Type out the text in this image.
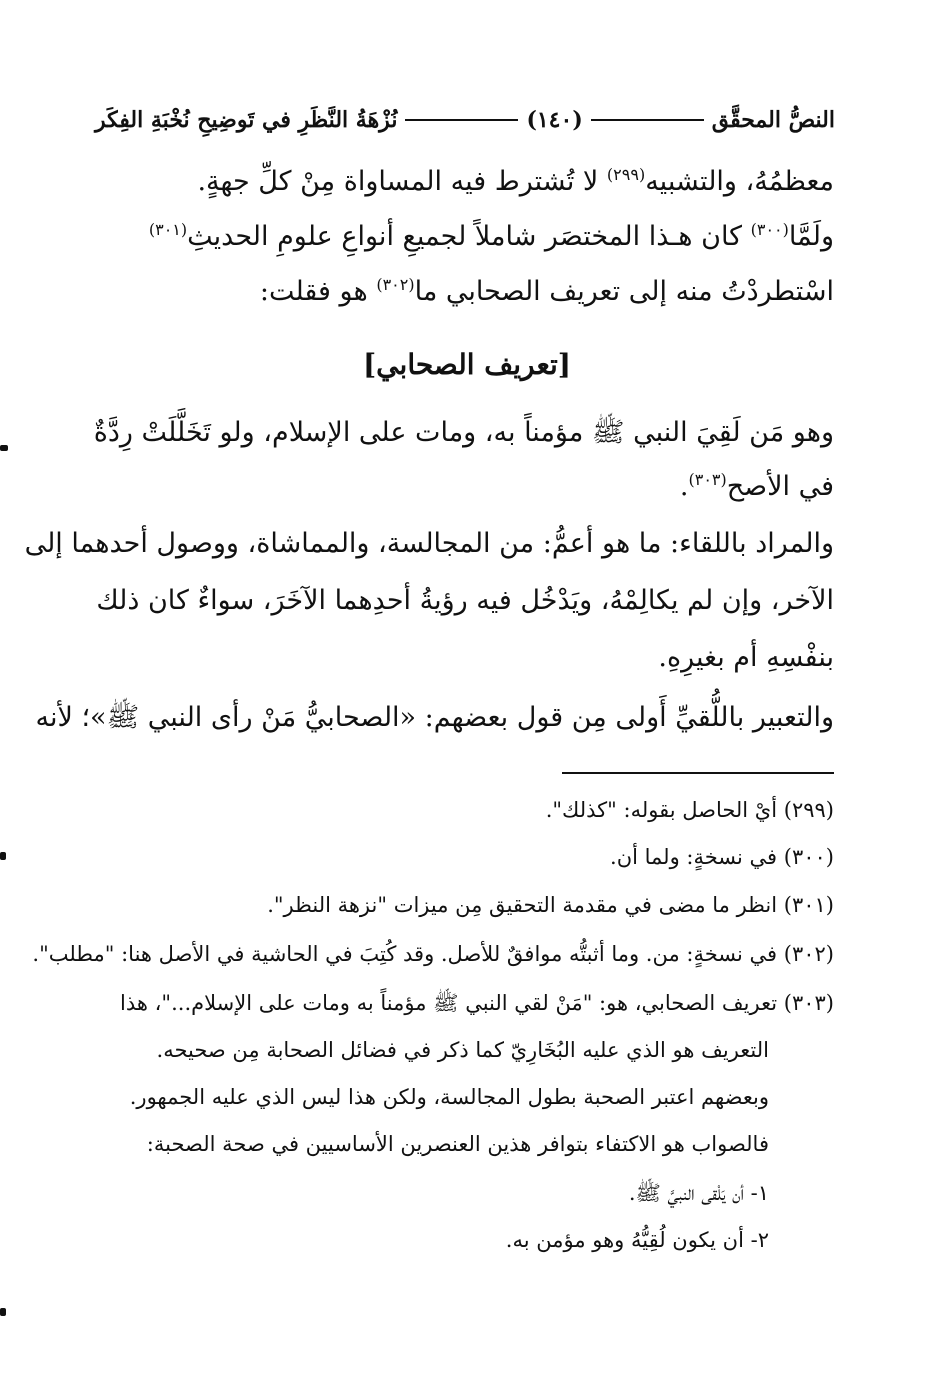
النصُّ المحقَّق
(١٤٠)
نُزْهَةُ النَّظَرِ في تَوضِيحِ نُخْبَةِ الفِكَر
معظمُهُ، والتشبيه$^{(٢٩٩)}$ لا تُشترط فيه المساواة مِنْ كلِّ جهةٍ.
ولَمَّا$^{(٣٠٠)}$ كان هـذا المختصَر شاملاً لجميعِ أنواعِ علومِ الحديثِ$^{(٣٠١)}$
اسْتطردْتُ منه إلى تعريف الصحابي ما$^{(٣٠٢)}$ هو فقلت:
[تعريف الصحابي]
وهو مَن لَقِيَ النبي ﷺ مؤمناً به، ومات على الإسلام، ولو تَخَلَّلَتْ رِدَّةٌ
في الأصح$^{(٣٠٣)}$.
والمراد باللقاء: ما هو أعمُّ: من المجالسة، والمماشاة، ووصول أحدهما إلى
الآخر، وإن لم يكالِمْهُ، ويَدْخُل فيه رؤيةُ أحدِهما الآخَرَ، سواءٌ كان ذلك
بنفْسِهِ أم بغيرِهِ.
والتعبير باللُّقيِّ أَولى مِن قول بعضهم: «الصحابيُّ مَنْ رأى النبي ﷺ»؛ لأنه
(٢٩٩) أيْ الحاصل بقوله: "كذلك".
(٣٠٠) في نسخةٍ: ولما أن.
(٣٠١) انظر ما مضى في مقدمة التحقيق مِن ميزات "نزهة النظر".
(٣٠٢) في نسخةٍ: من. وما أثبتُّه موافقٌ للأصل. وقد كُتِبَ في الحاشية في الأصل هنا: "مطلب".
(٣٠٣) تعريف الصحابي، هو: "مَنْ لقي النبي ﷺ مؤمناً به ومات على الإسلام..."، هذا
التعريف هو الذي عليه البُخَارِيّ كما ذكر في فضائل الصحابة مِن صحيحه.
وبعضهم اعتبر الصحبة بطول المجالسة، ولكن هذا ليس الذي عليه الجمهور.
فالصواب هو الاكتفاء بتوافر هذين العنصرين الأساسيين في صحة الصحبة:
١- أن يَلْقى النبيَّ ﷺ.
٢- أن يكون لُقِيُّهُ وهو مؤمن به.
